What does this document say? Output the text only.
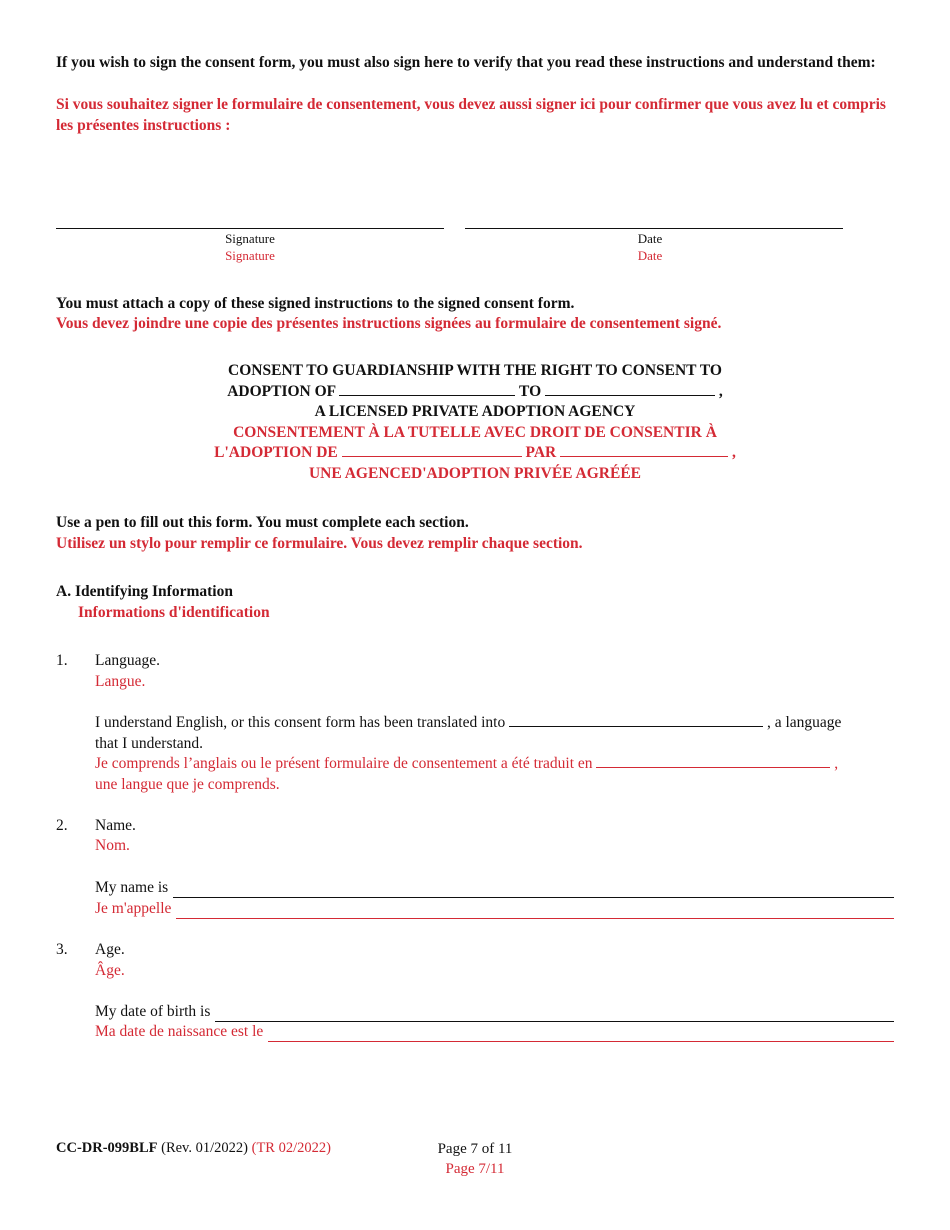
If you wish to sign the consent form, you must also sign here to verify that you read these instructions and understand them:
Si vous souhaitez signer le formulaire de consentement, vous devez aussi signer ici pour confirmer que vous avez lu et compris les présentes instructions :
Signature
Signature
Date
Date
You must attach a copy of these signed instructions to the signed consent form.
Vous devez joindre une copie des présentes instructions signées au formulaire de consentement signé.
CONSENT TO GUARDIANSHIP WITH THE RIGHT TO CONSENT TO
ADOPTION OF	TO	,
A LICENSED PRIVATE ADOPTION AGENCY
CONSENTEMENT À LA TUTELLE AVEC DROIT DE CONSENTIR À
L'ADOPTION DE	PAR	,
UNE AGENCED'ADOPTION PRIVÉE AGRÉÉE
Use a pen to fill out this form. You must complete each section.
Utilisez un stylo pour remplir ce formulaire. Vous devez remplir chaque section.
A. Identifying Information
Informations d'identification
1. Language.
Langue.
I understand English, or this consent form has been translated into	, a language
that I understand.
Je comprends l’anglais ou le présent formulaire de consentement a été traduit en	,
une langue que je comprends.
2. Name.
Nom.
My name is
Je m'appelle
3. Age.
Âge.
My date of birth is
Ma date de naissance est le
CC-DR-099BLF (Rev. 01/2022) (TR 02/2022)	Page 7 of 11
Page 7/11
